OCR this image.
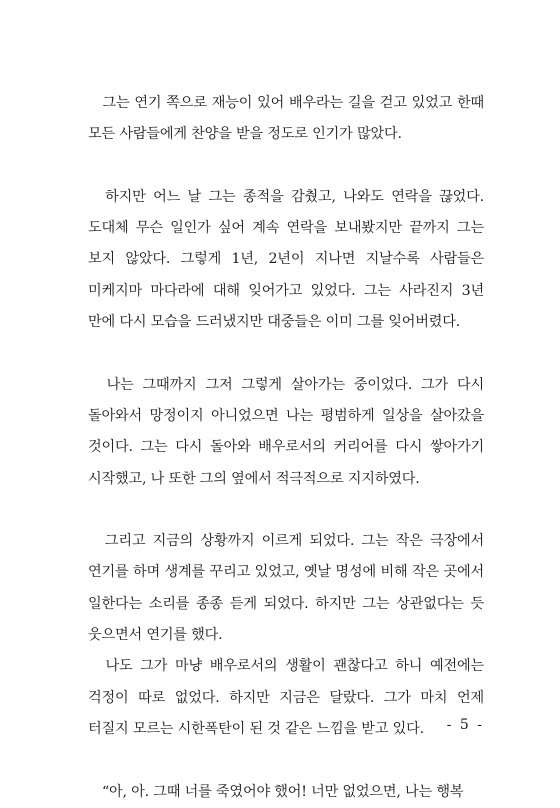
　그는 연기 쪽으로 재능이 있어 배우라는 길을 걷고 있었고 한때 모든 사람들에게 찬양을 받을 정도로 인기가 많았다.

　하지만 어느 날 그는 종적을 감췄고, 나와도 연락을 끊었다. 도대체 무슨 일인가 싶어 계속 연락을 보내봤지만 끝까지 그는 보지 않았다. 그렇게 1년, 2년이 지나면 지날수록 사람들은 미케지마 마다라에 대해 잊어가고 있었다. 그는 사라진지 3년 만에 다시 모습을 드러냈지만 대중들은 이미 그를 잊어버렸다.

　나는 그때까지 그저 그렇게 살아가는 중이었다. 그가 다시 돌아와서 망정이지 아니었으면 나는 평범하게 일상을 살아갔을 것이다. 그는 다시 돌아와 배우로서의 커리어를 다시 쌓아가기 시작했고, 나 또한 그의 옆에서 적극적으로 지지하였다.

　그리고 지금의 상황까지 이르게 되었다. 그는 작은 극장에서 연기를 하며 생계를 꾸리고 있었고, 옛날 명성에 비해 작은 곳에서 일한다는 소리를 종종 듣게 되었다. 하지만 그는 상관없다는 듯 웃으면서 연기를 했다.

　나도 그가 마냥 배우로서의 생활이 괜찮다고 하니 예전에는 걱정이 따로 없었다. 하지만 지금은 달랐다. 그가 마치 언제 터질지 모르는 시한폭탄이 된 것 같은 느낌을 받고 있다.

　“아, 아. 그때 너를 죽였어야 했어! 너만 없었으면, 나는 행복

- 5 -
